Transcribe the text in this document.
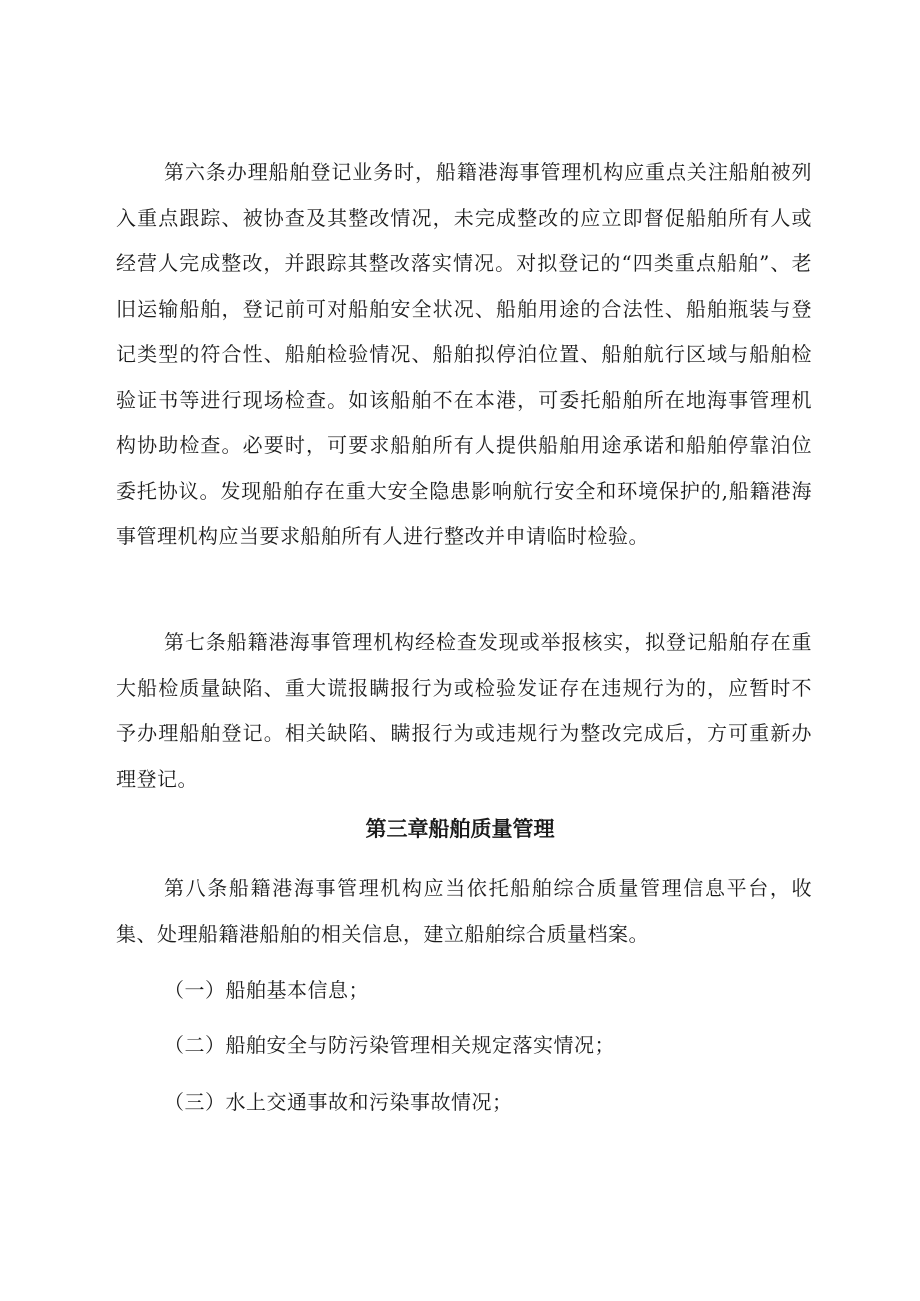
第六条办理船舶登记业务时，船籍港海事管理机构应重点关注船舶被列入重点跟踪、被协查及其整改情况，未完成整改的应立即督促船舶所有人或经营人完成整改，并跟踪其整改落实情况。对拟登记的“四类重点船舶”、老旧运输船舶，登记前可对船舶安全状况、船舶用途的合法性、船舶瓶装与登记类型的符合性、船舶检验情况、船舶拟停泊位置、船舶航行区域与船舶检验证书等进行现场检查。如该船舶不在本港，可委托船舶所在地海事管理机构协助检查。必要时，可要求船舶所有人提供船舶用途承诺和船舶停靠泊位委托协议。发现船舶存在重大安全隐患影响航行安全和环境保护的,船籍港海事管理机构应当要求船舶所有人进行整改并申请临时检验。

第七条船籍港海事管理机构经检查发现或举报核实，拟登记船舶存在重大船检质量缺陷、重大谎报瞒报行为或检验发证存在违规行为的，应暂时不予办理船舶登记。相关缺陷、瞒报行为或违规行为整改完成后，方可重新办理登记。

第三章船舶质量管理

第八条船籍港海事管理机构应当依托船舶综合质量管理信息平台，收集、处理船籍港船舶的相关信息，建立船舶综合质量档案。

（一）船舶基本信息；

（二）船舶安全与防污染管理相关规定落实情况；

（三）水上交通事故和污染事故情况；
